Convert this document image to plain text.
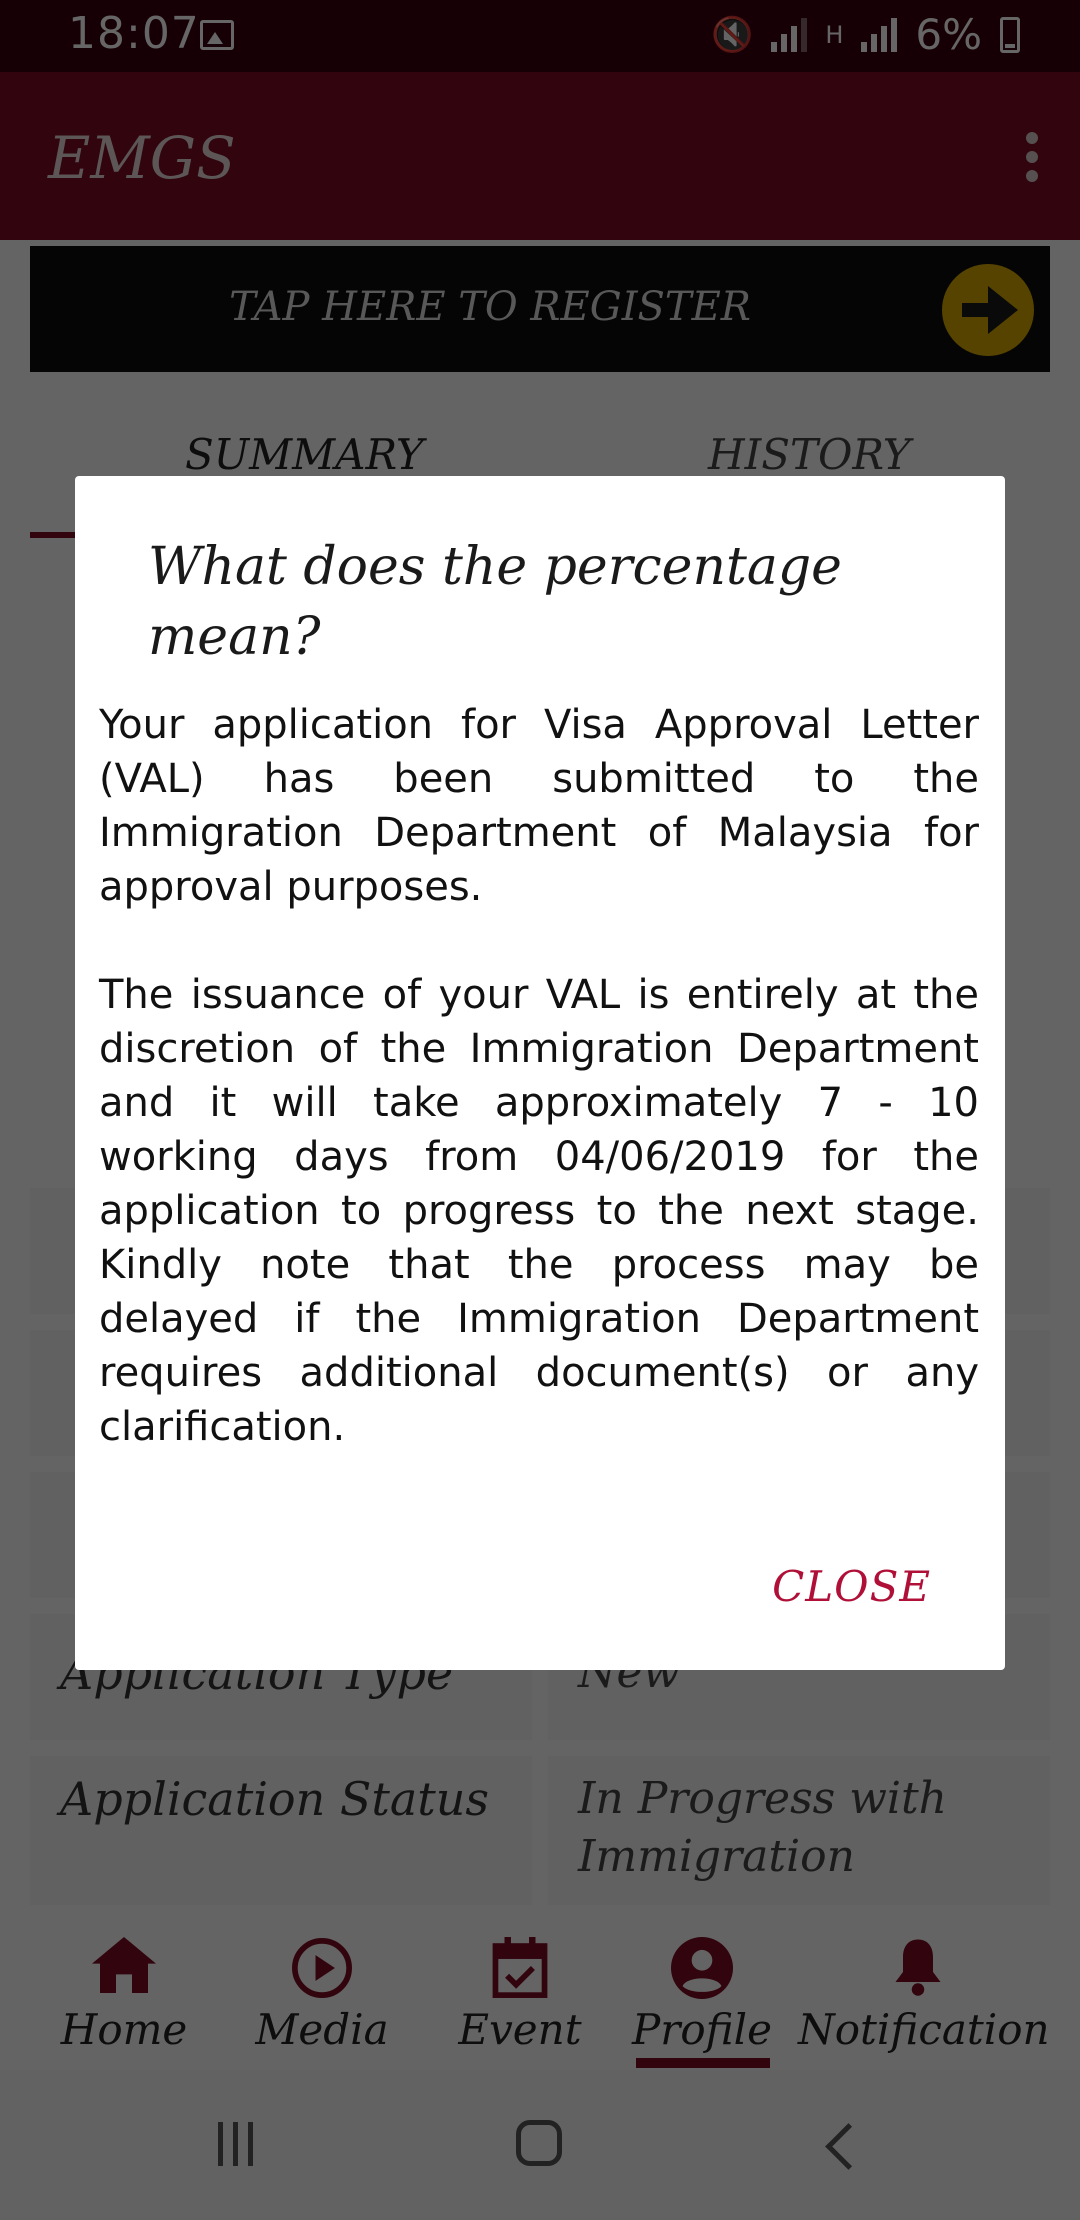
What does the percentage mean?

Your application for Visa Approval Letter (VAL) has been submitted to the Immigration Department of Malaysia for approval purposes.

The issuance of your VAL is entirely at the discretion of the Immigration Department and it will take approximately 7 - 10 working days from 04/06/2019 for the application to progress to the next stage. Kindly note that the process may be delayed if the Immigration Department requires additional document(s) or any clarification.

CLOSE
